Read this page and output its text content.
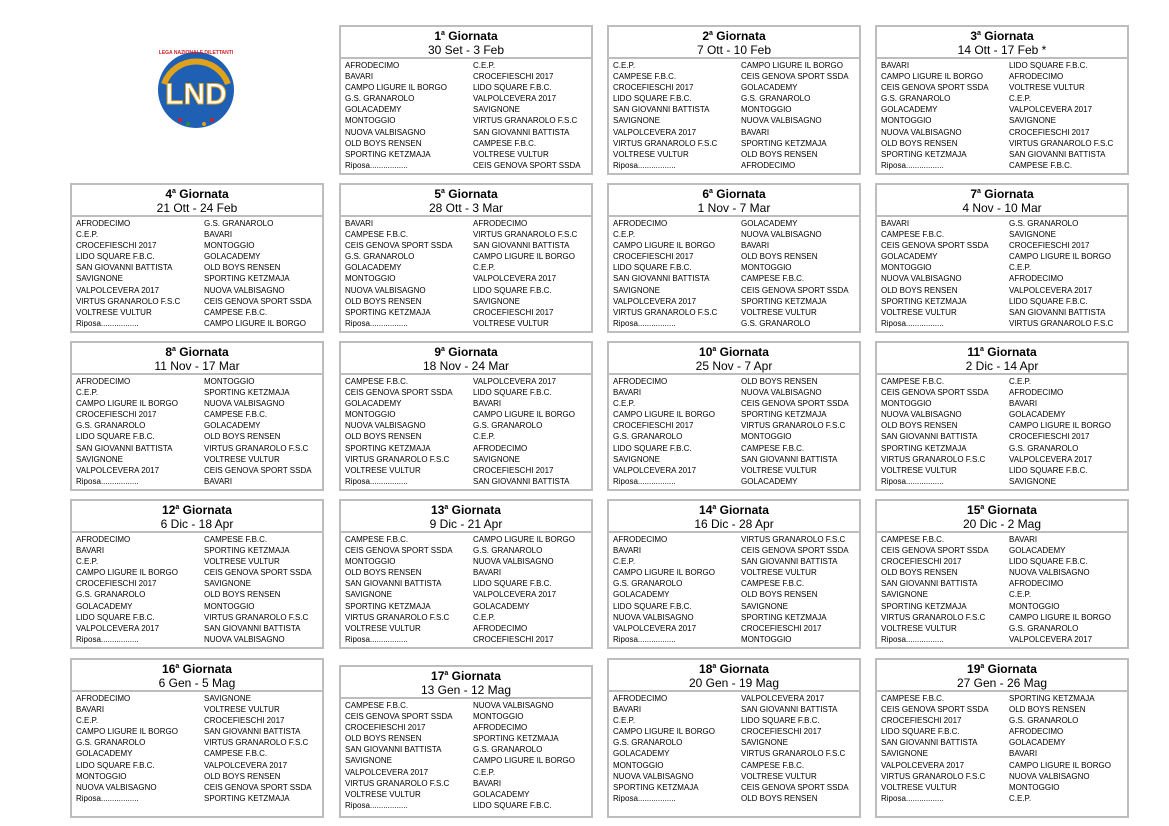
LEGA NAZIONALE DILETTANTI
LND
1$^a$ Giornata
30 Set - 3 Feb
AFRODECIMO	C.E.P.
BAVARI	CROCEFIESCHI 2017
CAMPO LIGURE IL BORGO	LIDO SQUARE F.B.C.
G.S. GRANAROLO	VALPOLCEVERA 2017
GOLACADEMY	SAVIGNONE
MONTOGGIO	VIRTUS GRANAROLO F.S.C
NUOVA VALBISAGNO	SAN GIOVANNI BATTISTA
OLD BOYS RENSEN	CAMPESE F.B.C.
SPORTING KETZMAJA	VOLTRESE VULTUR
Riposa.................	CEIS GENOVA SPORT SSDA
2$^a$ Giornata
7 Ott - 10 Feb
C.E.P.	CAMPO LIGURE IL BORGO
CAMPESE F.B.C.	CEIS GENOVA SPORT SSDA
CROCEFIESCHI 2017	GOLACADEMY
LIDO SQUARE F.B.C.	G.S. GRANAROLO
SAN GIOVANNI BATTISTA	MONTOGGIO
SAVIGNONE	NUOVA VALBISAGNO
VALPOLCEVERA 2017	BAVARI
VIRTUS GRANAROLO F.S.C	SPORTING KETZMAJA
VOLTRESE VULTUR	OLD BOYS RENSEN
Riposa.................	AFRODECIMO
3$^a$ Giornata
14 Ott - 17 Feb *
BAVARI	LIDO SQUARE F.B.C.
CAMPO LIGURE IL BORGO	AFRODECIMO
CEIS GENOVA SPORT SSDA	VOLTRESE VULTUR
G.S. GRANAROLO	C.E.P.
GOLACADEMY	VALPOLCEVERA 2017
MONTOGGIO	SAVIGNONE
NUOVA VALBISAGNO	CROCEFIESCHI 2017
OLD BOYS RENSEN	VIRTUS GRANAROLO F.S.C
SPORTING KETZMAJA	SAN GIOVANNI BATTISTA
Riposa.................	CAMPESE F.B.C.
4$^a$ Giornata
21 Ott - 24 Feb
AFRODECIMO	G.S. GRANAROLO
C.E.P.	BAVARI
CROCEFIESCHI 2017	MONTOGGIO
LIDO SQUARE F.B.C.	GOLACADEMY
SAN GIOVANNI BATTISTA	OLD BOYS RENSEN
SAVIGNONE	SPORTING KETZMAJA
VALPOLCEVERA 2017	NUOVA VALBISAGNO
VIRTUS GRANAROLO F.S.C	CEIS GENOVA SPORT SSDA
VOLTRESE VULTUR	CAMPESE F.B.C.
Riposa.................	CAMPO LIGURE IL BORGO
5$^a$ Giornata
28 Ott - 3 Mar
BAVARI	AFRODECIMO
CAMPESE F.B.C.	VIRTUS GRANAROLO F.S.C
CEIS GENOVA SPORT SSDA	SAN GIOVANNI BATTISTA
G.S. GRANAROLO	CAMPO LIGURE IL BORGO
GOLACADEMY	C.E.P.
MONTOGGIO	VALPOLCEVERA 2017
NUOVA VALBISAGNO	LIDO SQUARE F.B.C.
OLD BOYS RENSEN	SAVIGNONE
SPORTING KETZMAJA	CROCEFIESCHI 2017
Riposa.................	VOLTRESE VULTUR
6$^a$ Giornata
1 Nov - 7 Mar
AFRODECIMO	GOLACADEMY
C.E.P.	NUOVA VALBISAGNO
CAMPO LIGURE IL BORGO	BAVARI
CROCEFIESCHI 2017	OLD BOYS RENSEN
LIDO SQUARE F.B.C.	MONTOGGIO
SAN GIOVANNI BATTISTA	CAMPESE F.B.C.
SAVIGNONE	CEIS GENOVA SPORT SSDA
VALPOLCEVERA 2017	SPORTING KETZMAJA
VIRTUS GRANAROLO F.S.C	VOLTRESE VULTUR
Riposa.................	G.S. GRANAROLO
7$^a$ Giornata
4 Nov - 10 Mar
BAVARI	G.S. GRANAROLO
CAMPESE F.B.C.	SAVIGNONE
CEIS GENOVA SPORT SSDA	CROCEFIESCHI 2017
GOLACADEMY	CAMPO LIGURE IL BORGO
MONTOGGIO	C.E.P.
NUOVA VALBISAGNO	AFRODECIMO
OLD BOYS RENSEN	VALPOLCEVERA 2017
SPORTING KETZMAJA	LIDO SQUARE F.B.C.
VOLTRESE VULTUR	SAN GIOVANNI BATTISTA
Riposa.................	VIRTUS GRANAROLO F.S.C
8$^a$ Giornata
11 Nov - 17 Mar
AFRODECIMO	MONTOGGIO
C.E.P.	SPORTING KETZMAJA
CAMPO LIGURE IL BORGO	NUOVA VALBISAGNO
CROCEFIESCHI 2017	CAMPESE F.B.C.
G.S. GRANAROLO	GOLACADEMY
LIDO SQUARE F.B.C.	OLD BOYS RENSEN
SAN GIOVANNI BATTISTA	VIRTUS GRANAROLO F.S.C
SAVIGNONE	VOLTRESE VULTUR
VALPOLCEVERA 2017	CEIS GENOVA SPORT SSDA
Riposa.................	BAVARI
9$^a$ Giornata
18 Nov - 24 Mar
CAMPESE F.B.C.	VALPOLCEVERA 2017
CEIS GENOVA SPORT SSDA	LIDO SQUARE F.B.C.
GOLACADEMY	BAVARI
MONTOGGIO	CAMPO LIGURE IL BORGO
NUOVA VALBISAGNO	G.S. GRANAROLO
OLD BOYS RENSEN	C.E.P.
SPORTING KETZMAJA	AFRODECIMO
VIRTUS GRANAROLO F.S.C	SAVIGNONE
VOLTRESE VULTUR	CROCEFIESCHI 2017
Riposa.................	SAN GIOVANNI BATTISTA
10$^a$ Giornata
25 Nov - 7 Apr
AFRODECIMO	OLD BOYS RENSEN
BAVARI	NUOVA VALBISAGNO
C.E.P.	CEIS GENOVA SPORT SSDA
CAMPO LIGURE IL BORGO	SPORTING KETZMAJA
CROCEFIESCHI 2017	VIRTUS GRANAROLO F.S.C
G.S. GRANAROLO	MONTOGGIO
LIDO SQUARE F.B.C.	CAMPESE F.B.C.
SAVIGNONE	SAN GIOVANNI BATTISTA
VALPOLCEVERA 2017	VOLTRESE VULTUR
Riposa.................	GOLACADEMY
11$^a$ Giornata
2 Dic - 14 Apr
CAMPESE F.B.C.	C.E.P.
CEIS GENOVA SPORT SSDA	AFRODECIMO
MONTOGGIO	BAVARI
NUOVA VALBISAGNO	GOLACADEMY
OLD BOYS RENSEN	CAMPO LIGURE IL BORGO
SAN GIOVANNI BATTISTA	CROCEFIESCHI 2017
SPORTING KETZMAJA	G.S. GRANAROLO
VIRTUS GRANAROLO F.S.C	VALPOLCEVERA 2017
VOLTRESE VULTUR	LIDO SQUARE F.B.C.
Riposa.................	SAVIGNONE
12$^a$ Giornata
6 Dic - 18 Apr
AFRODECIMO	CAMPESE F.B.C.
BAVARI	SPORTING KETZMAJA
C.E.P.	VOLTRESE VULTUR
CAMPO LIGURE IL BORGO	CEIS GENOVA SPORT SSDA
CROCEFIESCHI 2017	SAVIGNONE
G.S. GRANAROLO	OLD BOYS RENSEN
GOLACADEMY	MONTOGGIO
LIDO SQUARE F.B.C.	VIRTUS GRANAROLO F.S.C
VALPOLCEVERA 2017	SAN GIOVANNI BATTISTA
Riposa.................	NUOVA VALBISAGNO
13$^a$ Giornata
9 Dic - 21 Apr
CAMPESE F.B.C.	CAMPO LIGURE IL BORGO
CEIS GENOVA SPORT SSDA	G.S. GRANAROLO
MONTOGGIO	NUOVA VALBISAGNO
OLD BOYS RENSEN	BAVARI
SAN GIOVANNI BATTISTA	LIDO SQUARE F.B.C.
SAVIGNONE	VALPOLCEVERA 2017
SPORTING KETZMAJA	GOLACADEMY
VIRTUS GRANAROLO F.S.C	C.E.P.
VOLTRESE VULTUR	AFRODECIMO
Riposa.................	CROCEFIESCHI 2017
14$^a$ Giornata
16 Dic - 28 Apr
AFRODECIMO	VIRTUS GRANAROLO F.S.C
BAVARI	CEIS GENOVA SPORT SSDA
C.E.P.	SAN GIOVANNI BATTISTA
CAMPO LIGURE IL BORGO	VOLTRESE VULTUR
G.S. GRANAROLO	CAMPESE F.B.C.
GOLACADEMY	OLD BOYS RENSEN
LIDO SQUARE F.B.C.	SAVIGNONE
NUOVA VALBISAGNO	SPORTING KETZMAJA
VALPOLCEVERA 2017	CROCEFIESCHI 2017
Riposa.................	MONTOGGIO
15$^a$ Giornata
20 Dic - 2 Mag
CAMPESE F.B.C.	BAVARI
CEIS GENOVA SPORT SSDA	GOLACADEMY
CROCEFIESCHI 2017	LIDO SQUARE F.B.C.
OLD BOYS RENSEN	NUOVA VALBISAGNO
SAN GIOVANNI BATTISTA	AFRODECIMO
SAVIGNONE	C.E.P.
SPORTING KETZMAJA	MONTOGGIO
VIRTUS GRANAROLO F.S.C	CAMPO LIGURE IL BORGO
VOLTRESE VULTUR	G.S. GRANAROLO
Riposa.................	VALPOLCEVERA 2017
16$^a$ Giornata
6 Gen - 5 Mag
AFRODECIMO	SAVIGNONE
BAVARI	VOLTRESE VULTUR
C.E.P.	CROCEFIESCHI 2017
CAMPO LIGURE IL BORGO	SAN GIOVANNI BATTISTA
G.S. GRANAROLO	VIRTUS GRANAROLO F.S.C
GOLACADEMY	CAMPESE F.B.C.
LIDO SQUARE F.B.C.	VALPOLCEVERA 2017
MONTOGGIO	OLD BOYS RENSEN
NUOVA VALBISAGNO	CEIS GENOVA SPORT SSDA
Riposa.................	SPORTING KETZMAJA
17$^a$ Giornata
13 Gen - 12 Mag
CAMPESE F.B.C.	NUOVA VALBISAGNO
CEIS GENOVA SPORT SSDA	MONTOGGIO
CROCEFIESCHI 2017	AFRODECIMO
OLD BOYS RENSEN	SPORTING KETZMAJA
SAN GIOVANNI BATTISTA	G.S. GRANAROLO
SAVIGNONE	CAMPO LIGURE IL BORGO
VALPOLCEVERA 2017	C.E.P.
VIRTUS GRANAROLO F.S.C	BAVARI
VOLTRESE VULTUR	GOLACADEMY
Riposa.................	LIDO SQUARE F.B.C.
18$^a$ Giornata
20 Gen - 19 Mag
AFRODECIMO	VALPOLCEVERA 2017
BAVARI	SAN GIOVANNI BATTISTA
C.E.P.	LIDO SQUARE F.B.C.
CAMPO LIGURE IL BORGO	CROCEFIESCHI 2017
G.S. GRANAROLO	SAVIGNONE
GOLACADEMY	VIRTUS GRANAROLO F.S.C
MONTOGGIO	CAMPESE F.B.C.
NUOVA VALBISAGNO	VOLTRESE VULTUR
SPORTING KETZMAJA	CEIS GENOVA SPORT SSDA
Riposa.................	OLD BOYS RENSEN
19$^a$ Giornata
27 Gen - 26 Mag
CAMPESE F.B.C.	SPORTING KETZMAJA
CEIS GENOVA SPORT SSDA	OLD BOYS RENSEN
CROCEFIESCHI 2017	G.S. GRANAROLO
LIDO SQUARE F.B.C.	AFRODECIMO
SAN GIOVANNI BATTISTA	GOLACADEMY
SAVIGNONE	BAVARI
VALPOLCEVERA 2017	CAMPO LIGURE IL BORGO
VIRTUS GRANAROLO F.S.C	NUOVA VALBISAGNO
VOLTRESE VULTUR	MONTOGGIO
Riposa.................	C.E.P.
